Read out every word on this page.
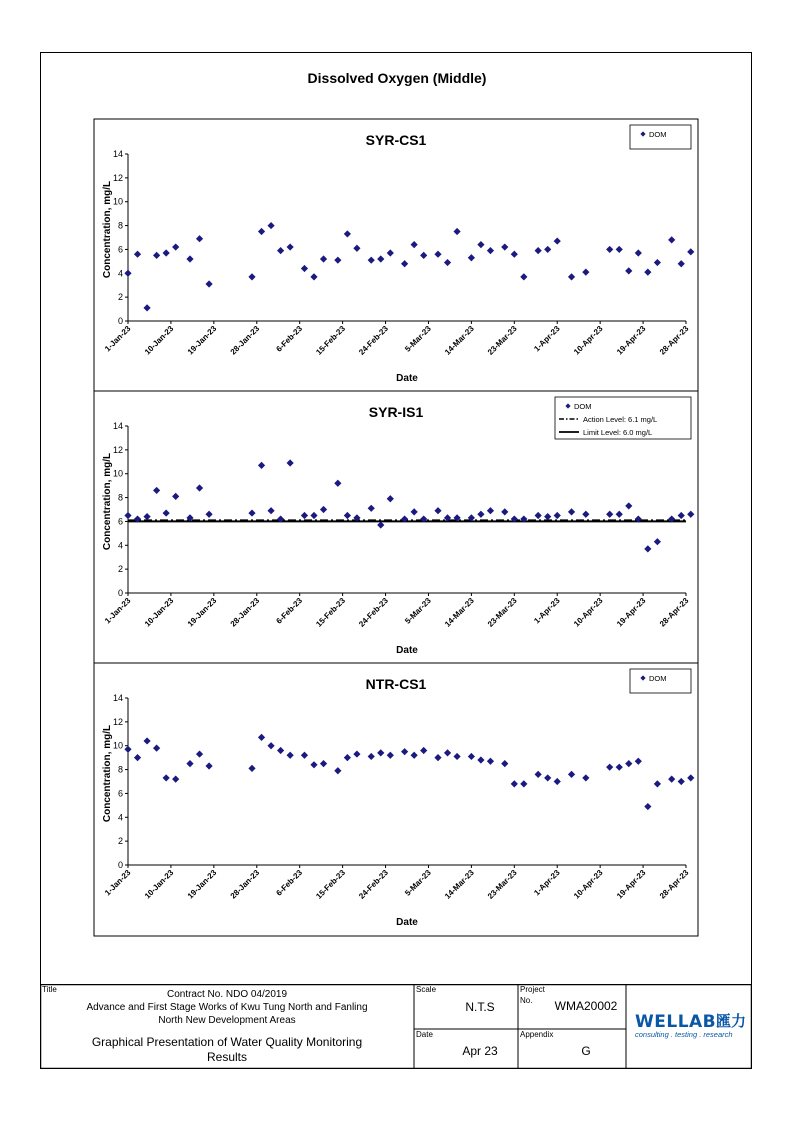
Dissolved Oxygen (Middle)
SYR-CS1
0
2
4
6
8
10
12
14
1-Jan-23 10-Jan-23 19-Jan-23 28-Jan-23 6-Feb-23 15-Feb-23 24-Feb-23 5-Mar-23 14-Mar-23 23-Mar-23 1-Apr-23 10-Apr-23 19-Apr-23 28-Apr-23
Date
Concentration, mg/L
DOM
SYR-IS1
0
2
4
6
8
10
12
14
1-Jan-23 10-Jan-23 19-Jan-23 28-Jan-23 6-Feb-23 15-Feb-23 24-Feb-23 5-Mar-23 14-Mar-23 23-Mar-23 1-Apr-23 10-Apr-23 19-Apr-23 28-Apr-23
Date
Concentration, mg/L
DOM
Action Level: 6.1 mg/L
Limit Level: 6.0 mg/L
NTR-CS1
0
2
4
6
8
10
12
14
1-Jan-23 10-Jan-23 19-Jan-23 28-Jan-23 6-Feb-23 15-Feb-23 24-Feb-23 5-Mar-23 14-Mar-23 23-Mar-23 1-Apr-23 10-Apr-23 19-Apr-23 28-Apr-23
Date
Concentration, mg/L
DOM
Title	Contract No. NDO 04/2019
Advance and First Stage Works of Kwu Tung North and Fanling
North New Development Areas
Graphical Presentation of Water Quality Monitoring
Results
Scale
N.T.S
Project
No.	WMA20002
Date
Apr 23
Appendix
G
WELLAB 匯力
consulting . testing . research
